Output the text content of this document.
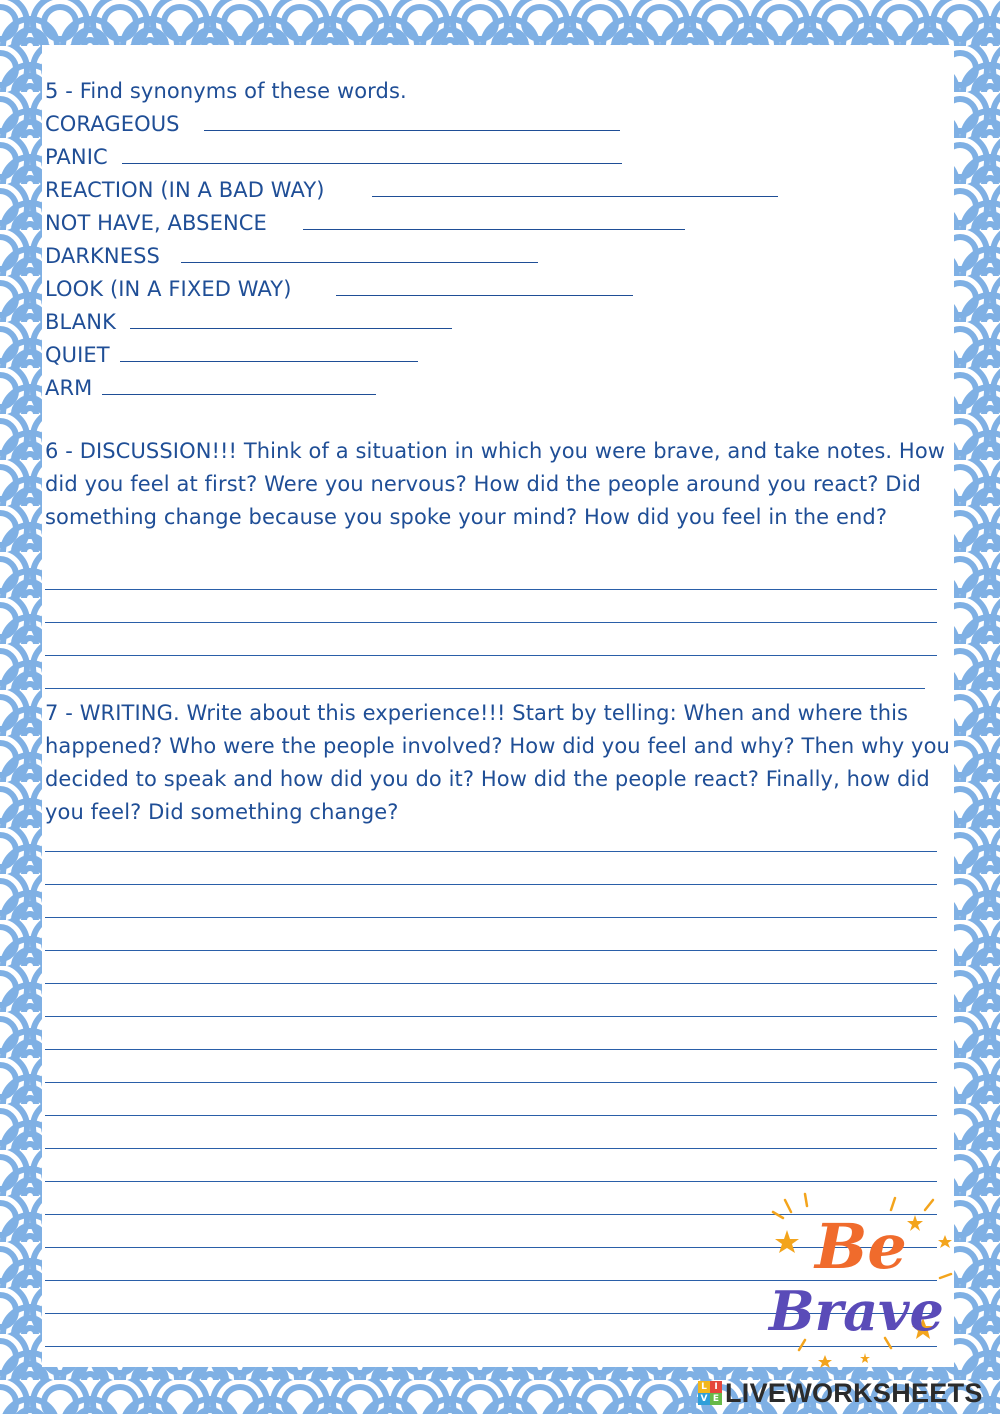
5 - Find synonyms of these words.
CORAGEOUS
PANIC
REACTION (IN A BAD WAY)
NOT HAVE, ABSENCE
DARKNESS
LOOK (IN A FIXED WAY)
BLANK
QUIET
ARM
6 - DISCUSSION!!! Think of a situation in which you were brave, and take notes. How did you feel at first? Were you nervous? How did the people around you react? Did something change because you spoke your mind? How did you feel in the end?
7 - WRITING. Write about this experience!!! Start by telling: When and where this happened? Who were the people involved? How did you feel and why? Then why you decided to speak and how did you do it? How did the people react? Finally, how did you feel? Did something change?
Be
Brave
L I
V E LIVEWORKSHEETS
